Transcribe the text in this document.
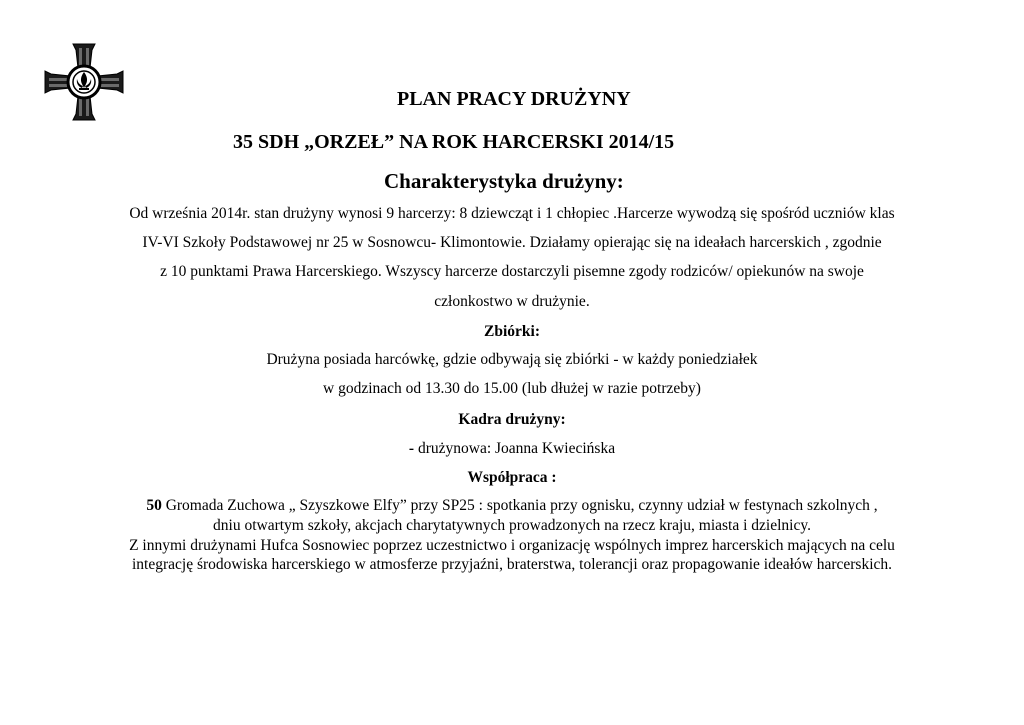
PLAN PRACY DRUŻYNY

35 SDH „ORZEŁ” NA ROK HARCERSKI 2014/15

Charakterystyka drużyny:

Od września 2014r. stan drużyny wynosi 9 harcerzy: 8 dziewcząt i 1 chłopiec .Harcerze wywodzą się spośród uczniów klas

IV-VI Szkoły Podstawowej nr 25 w Sosnowcu- Klimontowie. Działamy opierając się na ideałach harcerskich , zgodnie

z 10 punktami Prawa Harcerskiego. Wszyscy harcerze dostarczyli pisemne zgody rodziców/ opiekunów na swoje

członkostwo w drużynie.

Zbiórki:

Drużyna posiada harcówkę, gdzie odbywają się zbiórki - w każdy poniedziałek

w godzinach od 13.30 do 15.00 (lub dłużej w razie potrzeby)

Kadra drużyny:

- drużynowa: Joanna Kwiecińska

Współpraca :

50 Gromada Zuchowa „ Szyszkowe Elfy” przy SP25 : spotkania przy ognisku, czynny udział w festynach szkolnych ,

dniu otwartym szkoły, akcjach charytatywnych prowadzonych na rzecz kraju, miasta i dzielnicy.

Z innymi drużynami Hufca Sosnowiec poprzez uczestnictwo i organizację wspólnych imprez harcerskich mających na celu

integrację środowiska harcerskiego w atmosferze przyjaźni, braterstwa, tolerancji oraz propagowanie ideałów harcerskich.
